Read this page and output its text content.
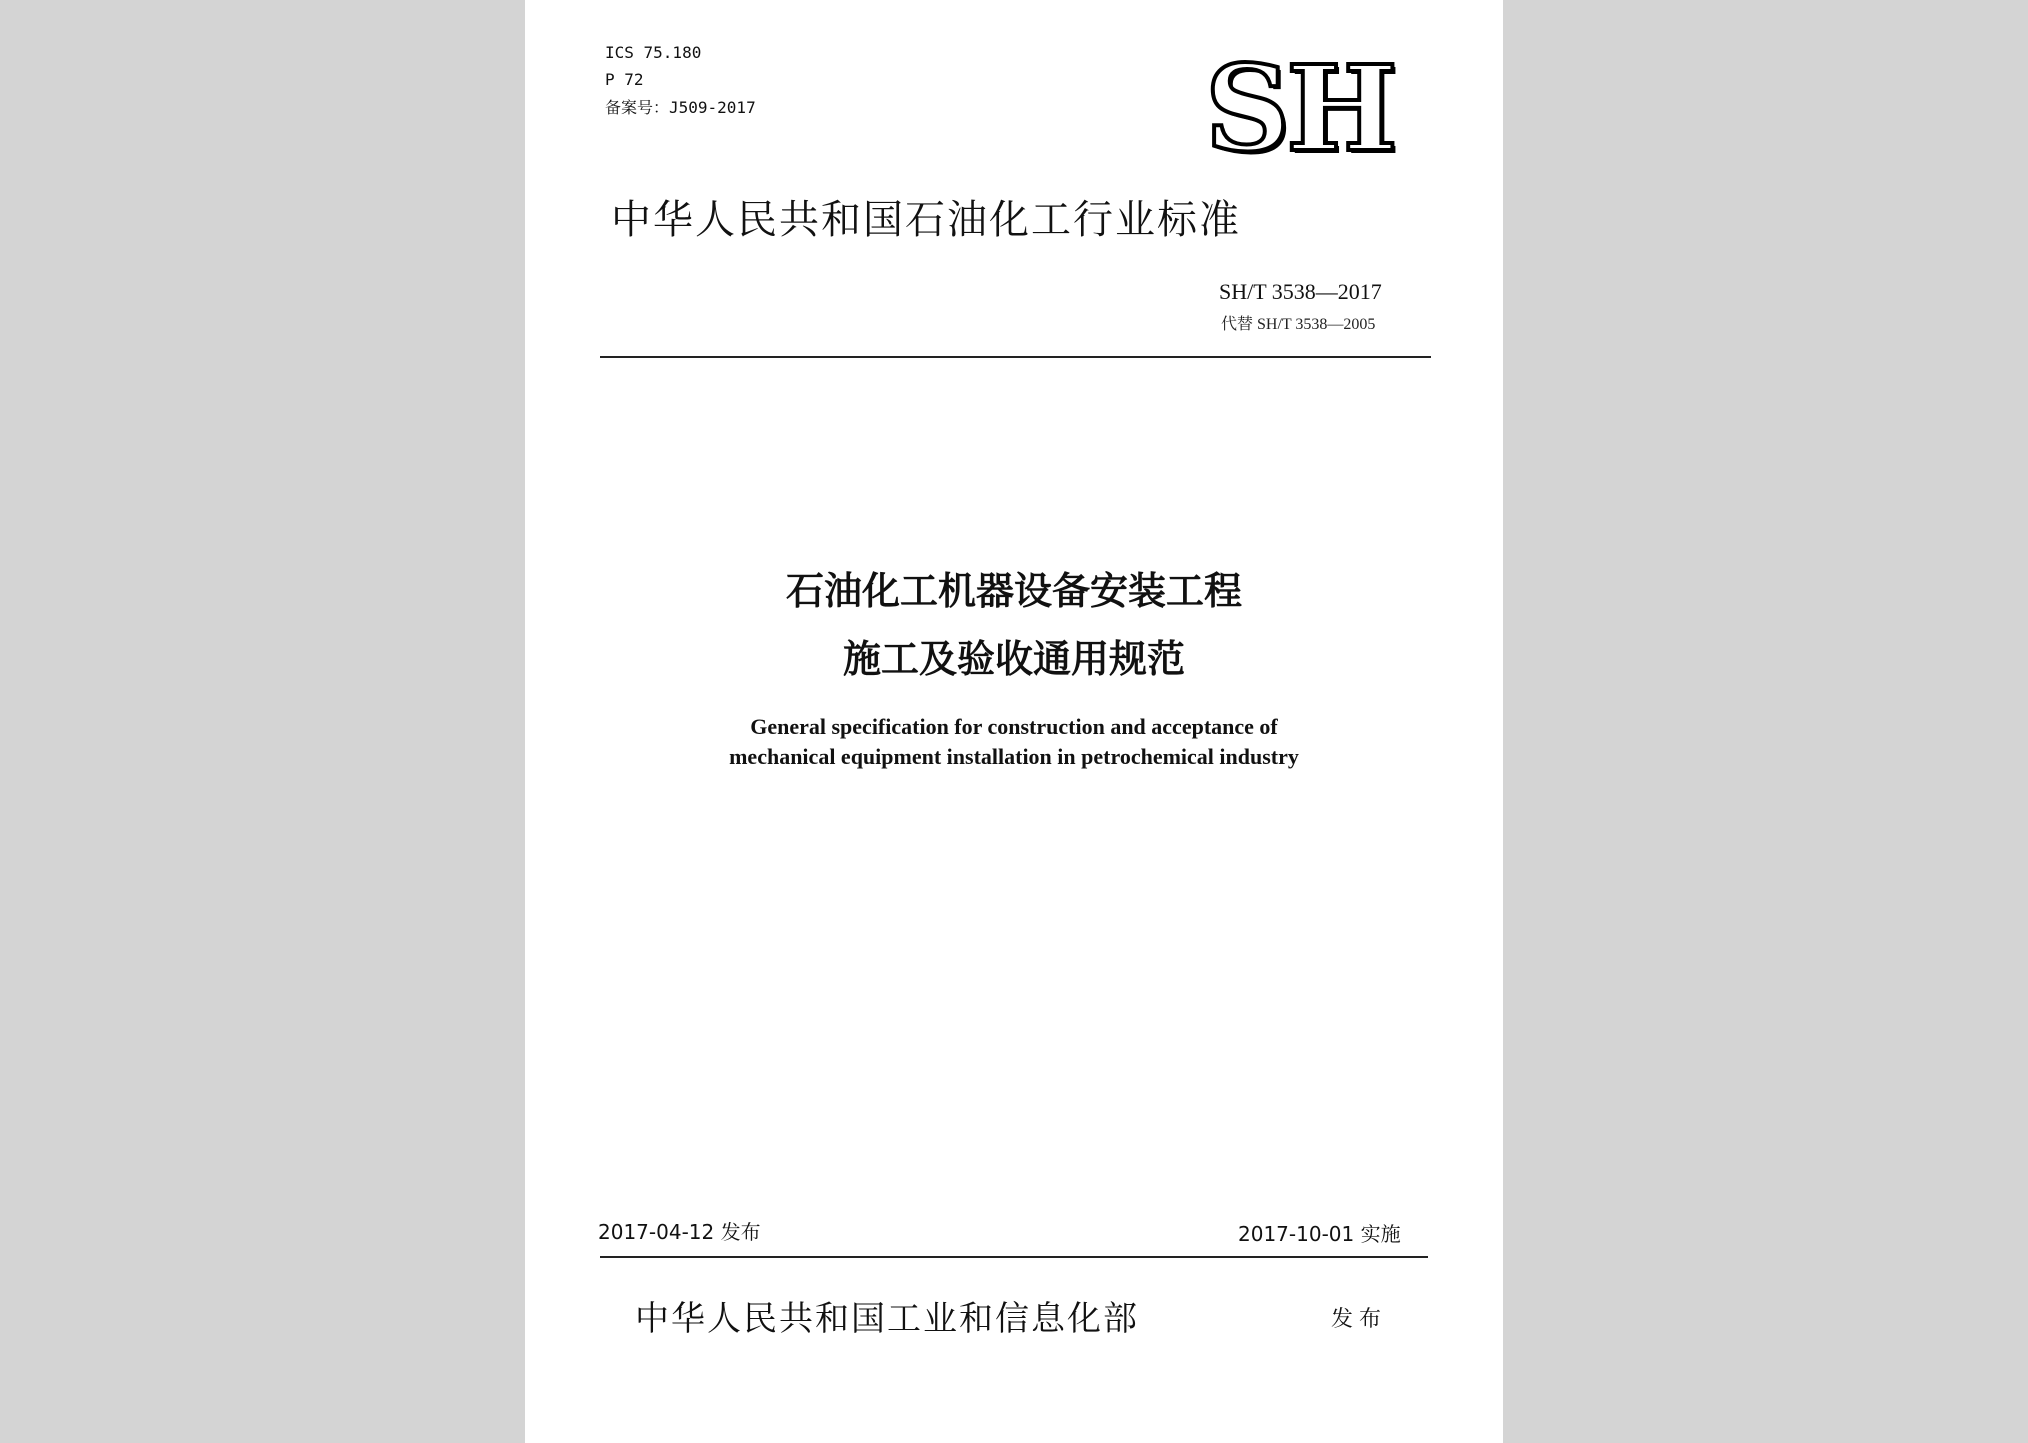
ICS 75.180
P 72
备案号：J509-2017	SH
中华人民共和国石油化工行业标准
SH/T 3538—2017
代替 SH/T 3538—2005
石油化工机器设备安装工程
施工及验收通用规范
General specification for construction and acceptance of
mechanical equipment installation in petrochemical industry
2017-04-12 发布	2017-10-01 实施
中华人民共和国工业和信息化部	发布
